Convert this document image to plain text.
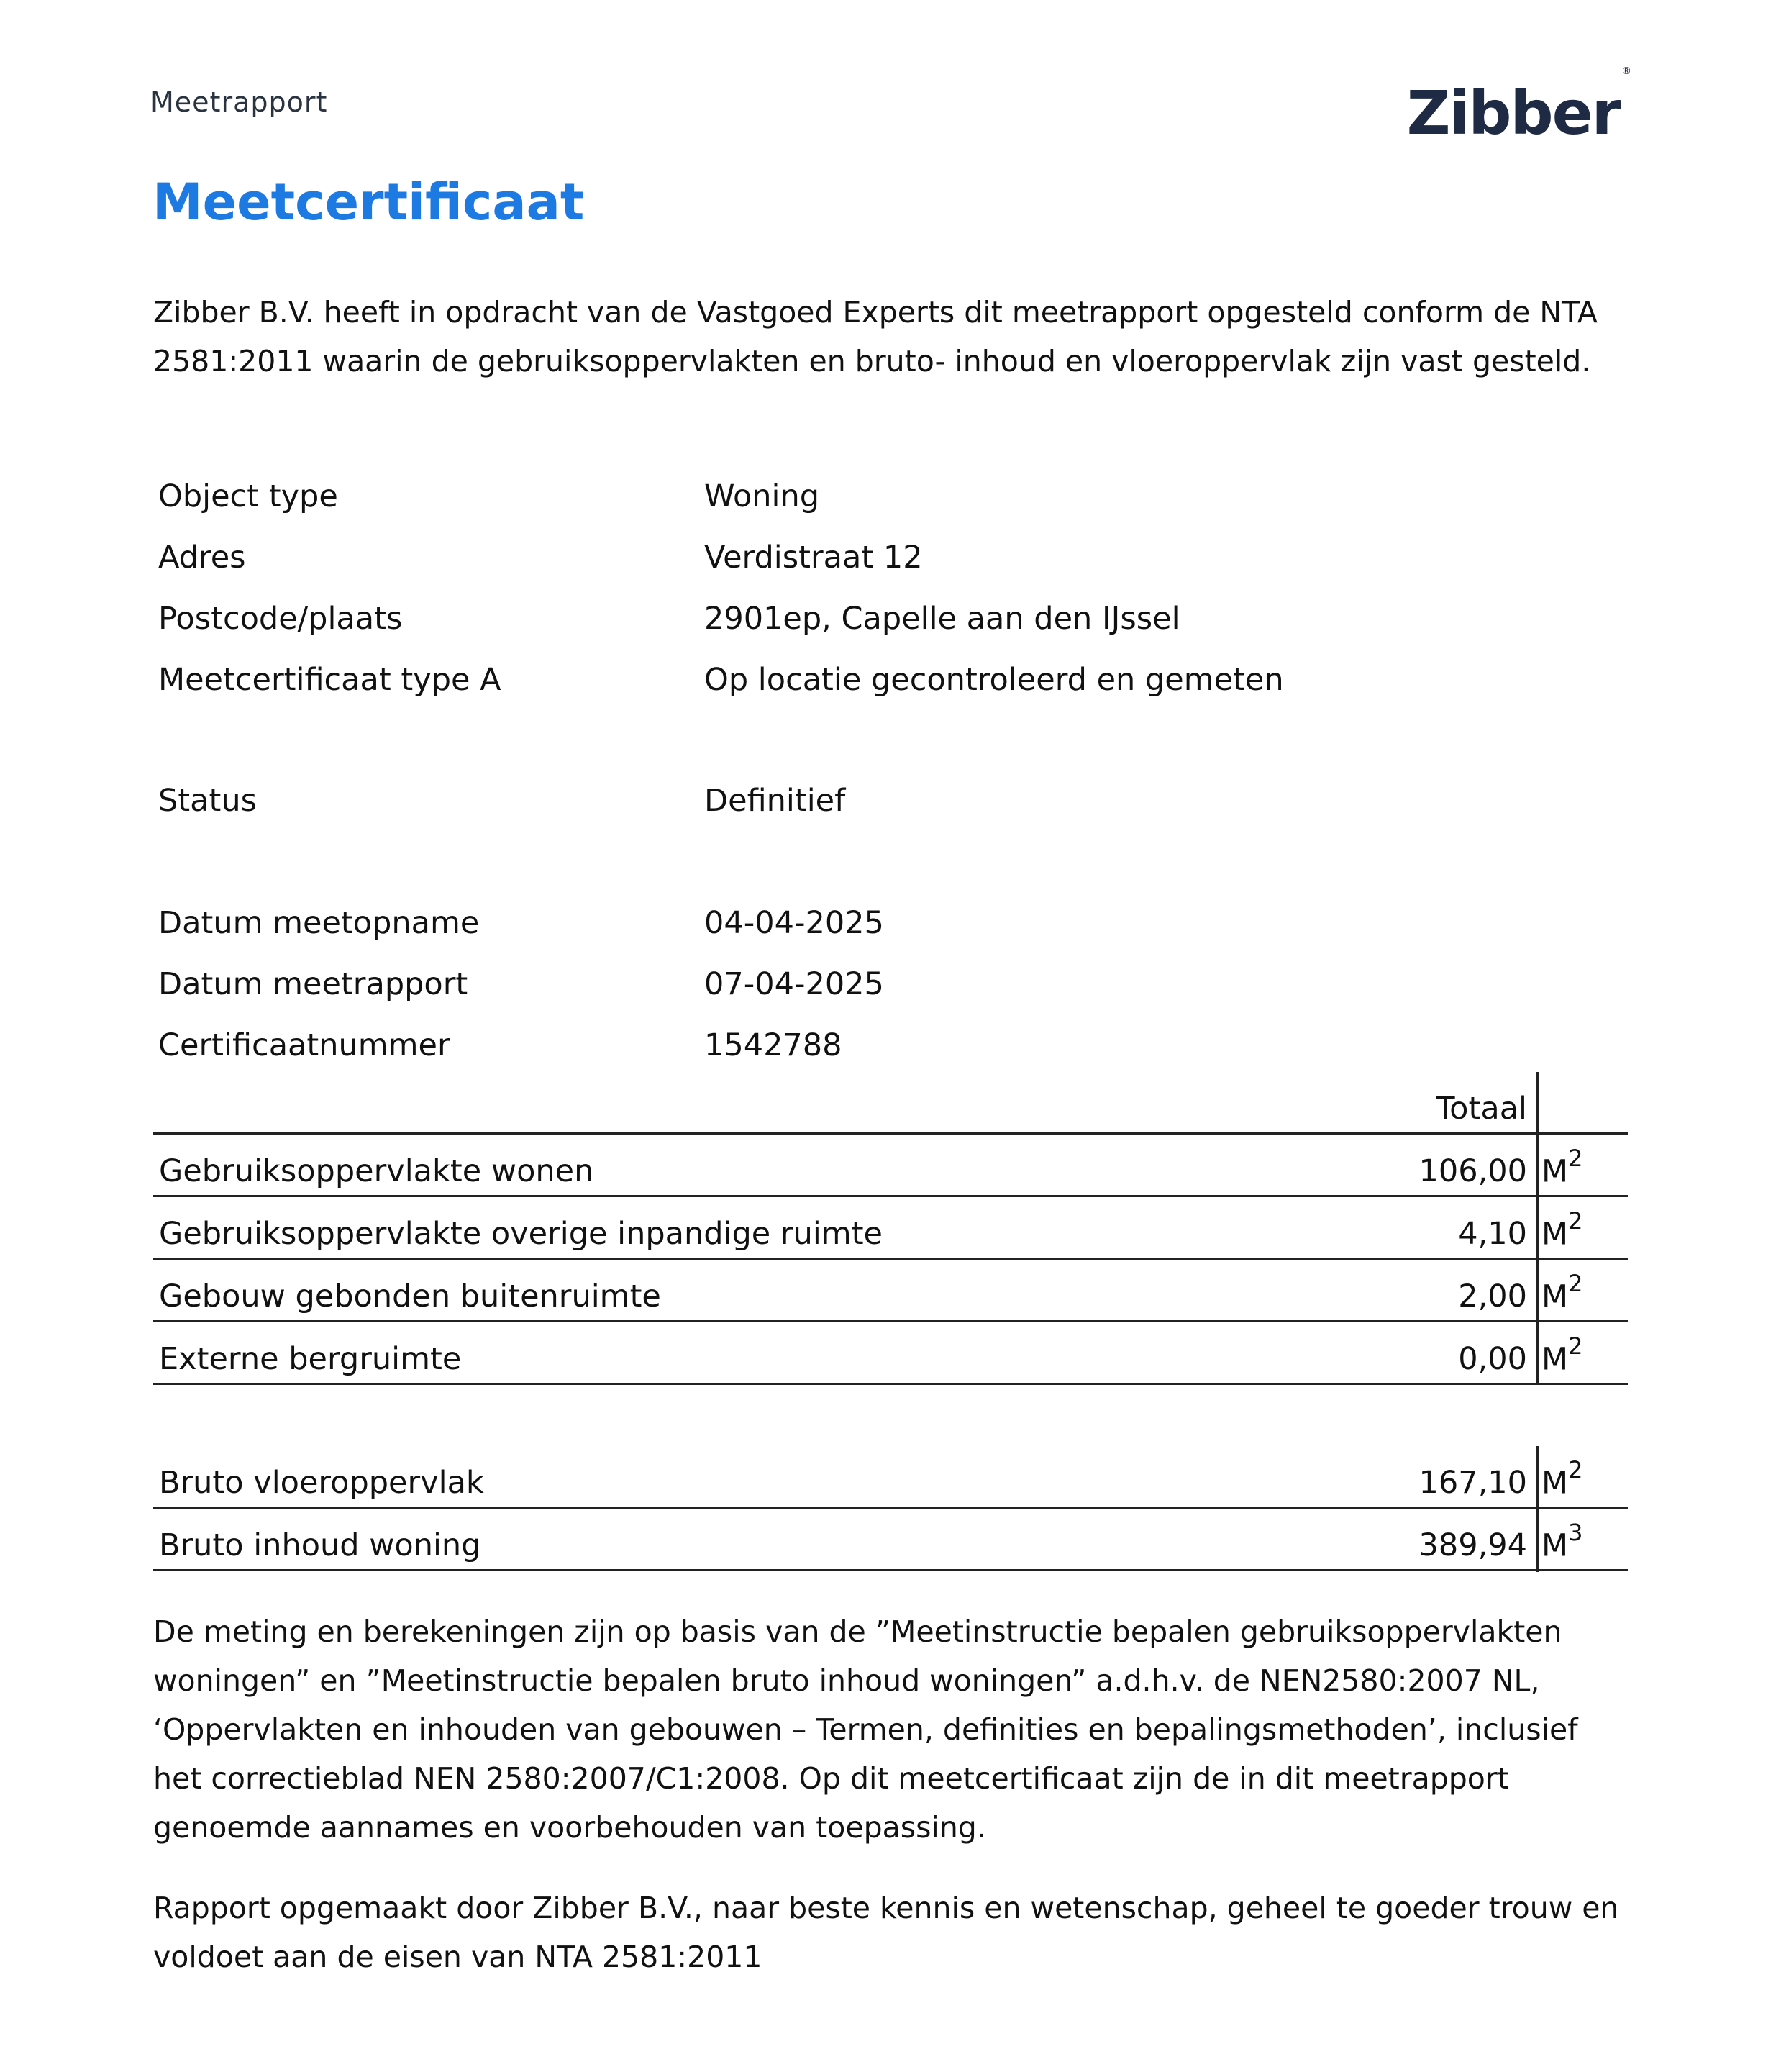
Meetrapport	Zibber®
Meetcertificaat
Zibber B.V. heeft in opdracht van de Vastgoed Experts dit meetrapport opgesteld conform de NTA 2581:2011 waarin de gebruiksoppervlakten en bruto- inhoud en vloeroppervlak zijn vast gesteld.
Object type	Woning
Adres	Verdistraat 12
Postcode/plaats	2901ep, Capelle aan den IJssel
Meetcertificaat type A	Op locatie gecontroleerd en gemeten
Status	Definitief
Datum meetopname	04-04-2025
Datum meetrapport	07-04-2025
Certificaatnummer	1542788
Totaal
Gebruiksoppervlakte wonen	106,00 $M^2$
Gebruiksoppervlakte overige inpandige ruimte	4,10 $M^2$
Gebouw gebonden buitenruimte	2,00 $M^2$
Externe bergruimte	0,00 $M^2$
Bruto vloeroppervlak	167,10 $M^2$
Bruto inhoud woning	389,94 $M^3$
De meting en berekeningen zijn op basis van de ”Meetinstructie bepalen gebruiksoppervlakten woningen” en ”Meetinstructie bepalen bruto inhoud woningen” a.d.h.v. de NEN2580:2007 NL, ‘Oppervlakten en inhouden van gebouwen – Termen, definities en bepalingsmethoden’, inclusief het correctieblad NEN 2580:2007/C1:2008. Op dit meetcertificaat zijn de in dit meetrapport genoemde aannames en voorbehouden van toepassing.
Rapport opgemaakt door Zibber B.V., naar beste kennis en wetenschap, geheel te goeder trouw en voldoet aan de eisen van NTA 2581:2011
